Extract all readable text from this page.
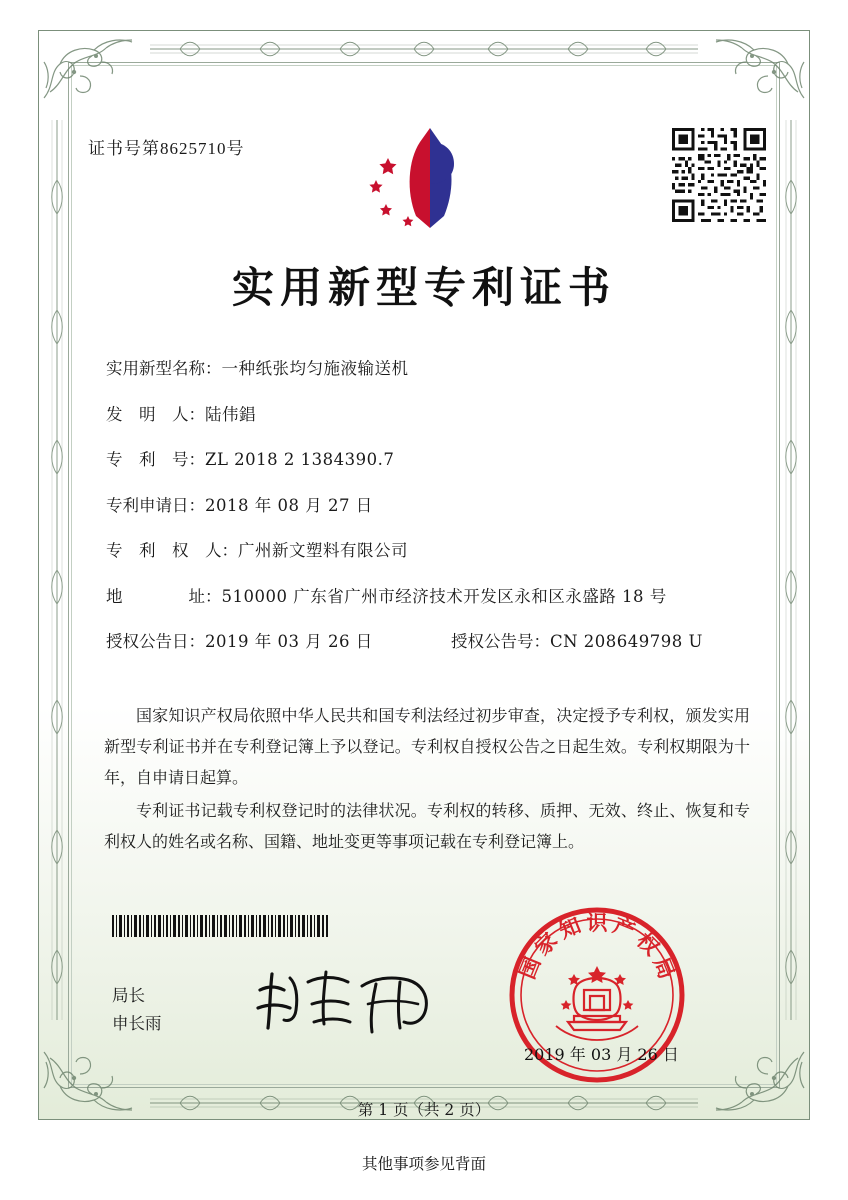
证书号第8625710号
实用新型专利证书
实用新型名称： 一种纸张均匀施液输送机
发　明　人： 陆伟錩
专　利　号： ZL 2018 2 1384390.7
专利申请日： 2018 年 08 月 27 日
专　利　权　人： 广州新文塑料有限公司
地　　　　址： 510000 广东省广州市经济技术开发区永和区永盛路 18 号
授权公告日： 2019 年 03 月 26 日	授权公告号：CN 208649798 U

国家知识产权局依照中华人民共和国专利法经过初步审查，决定授予专利权，颁发实用新型专利证书并在专利登记簿上予以登记。专利权自授权公告之日起生效。专利权期限为十年，自申请日起算。

专利证书记载专利权登记时的法律状况。专利权的转移、质押、无效、终止、恢复和专利权人的姓名或名称、国籍、地址变更等事项记载在专利登记簿上。

局长
申长雨
国
家
知 识 产
权
局
2019 年 03 月 26 日
第 1 页（共 2 页）
其他事项参见背面
